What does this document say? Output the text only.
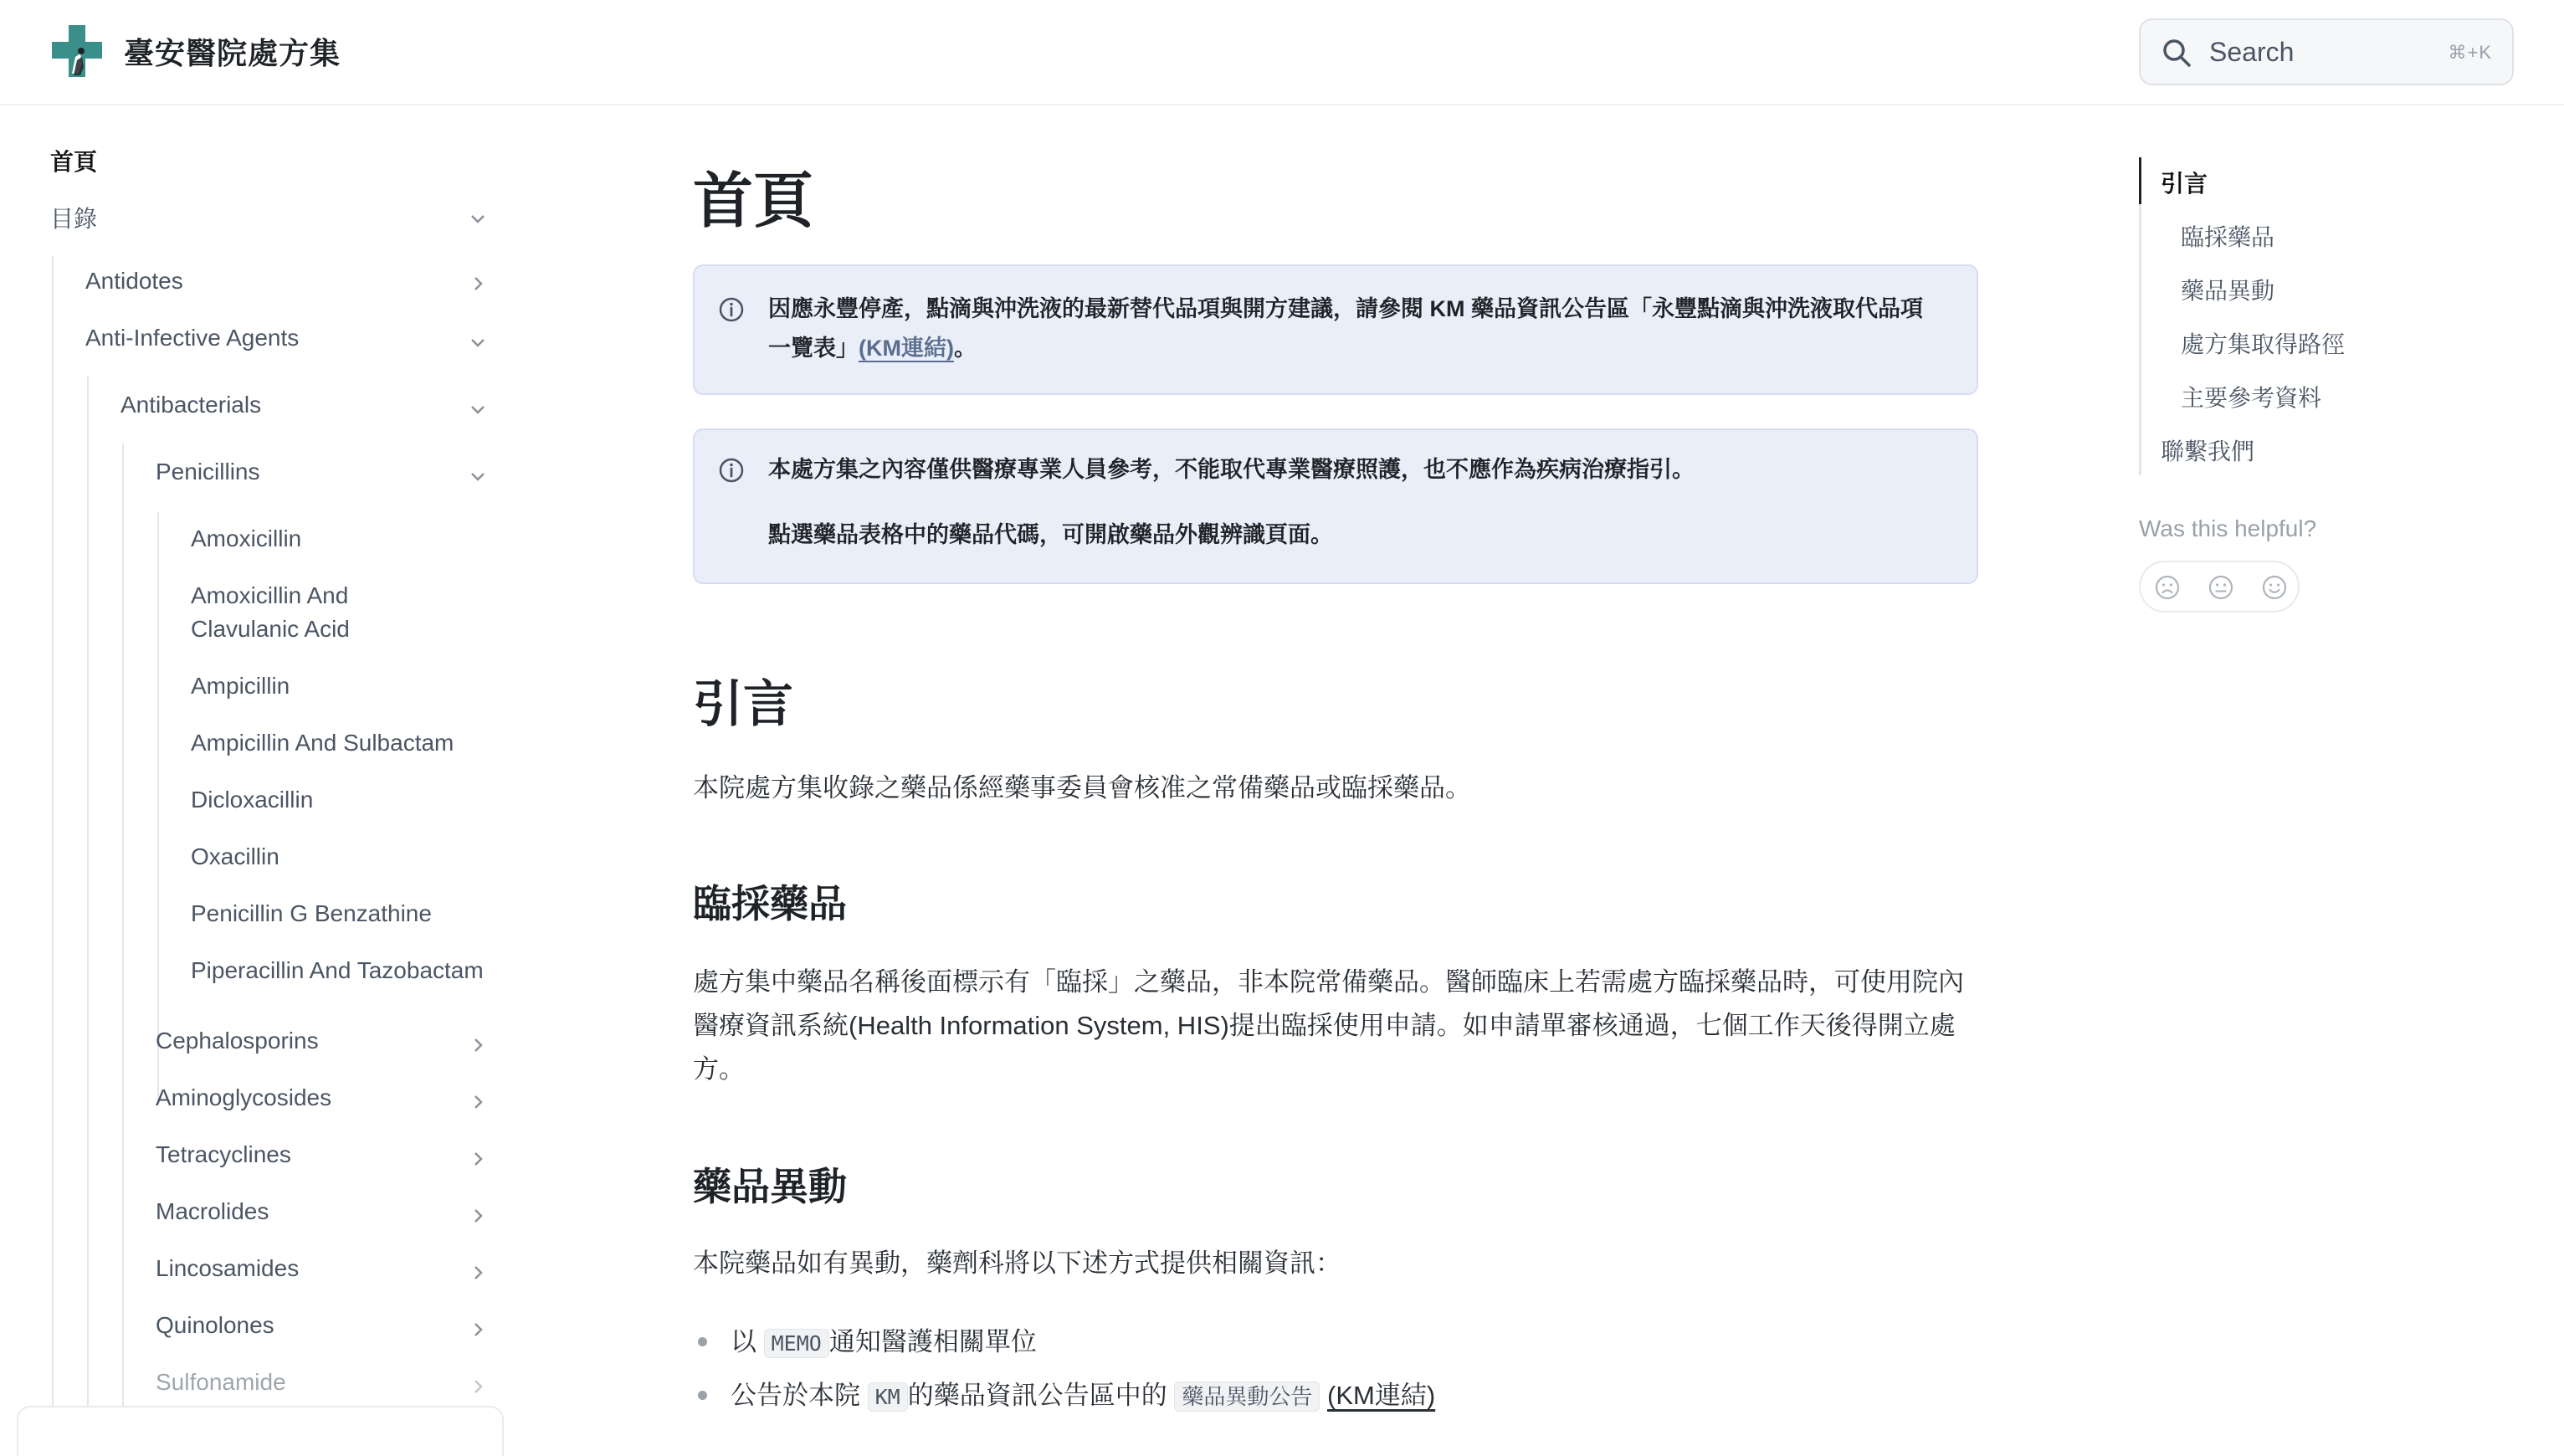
臺安醫院處方集	Search	⌘+K
首頁
目錄
Antidotes
Anti-Infective Agents
Antibacterials
Penicillins
Amoxicillin
Amoxicillin And
Clavulanic Acid
Ampicillin
Ampicillin And Sulbactam
Dicloxacillin
Oxacillin
Penicillin G Benzathine
Piperacillin And Tazobactam
Cephalosporins
Aminoglycosides
Tetracyclines
Macrolides
Lincosamides
Quinolones
Sulfonamide
首頁
因應永豐停產，點滴與沖洗液的最新替代品項與開方建議，請參閱 KM 藥品資訊公告區「永豐點滴與沖洗液取代品項一覽表」(KM連結)。
本處方集之內容僅供醫療專業人員參考，不能取代專業醫療照護，也不應作為疾病治療指引。
點選藥品表格中的藥品代碼，可開啟藥品外觀辨識頁面。
引言
本院處方集收錄之藥品係經藥事委員會核准之常備藥品或臨採藥品。
臨採藥品
處方集中藥品名稱後面標示有「臨採」之藥品，非本院常備藥品。醫師臨床上若需處方臨採藥品時，可使用院內醫療資訊系統(Health Information System, HIS)提出臨採使用申請。如申請單審核通過，七個工作天後得開立處方。
藥品異動
本院藥品如有異動，藥劑科將以下述方式提供相關資訊：
以 MEMO 通知醫護相關單位
公告於本院 KM 的藥品資訊公告區中的 藥品異動公告 (KM連結)
引言
臨採藥品
藥品異動
處方集取得路徑
主要參考資料
聯繫我們
Was this helpful?
